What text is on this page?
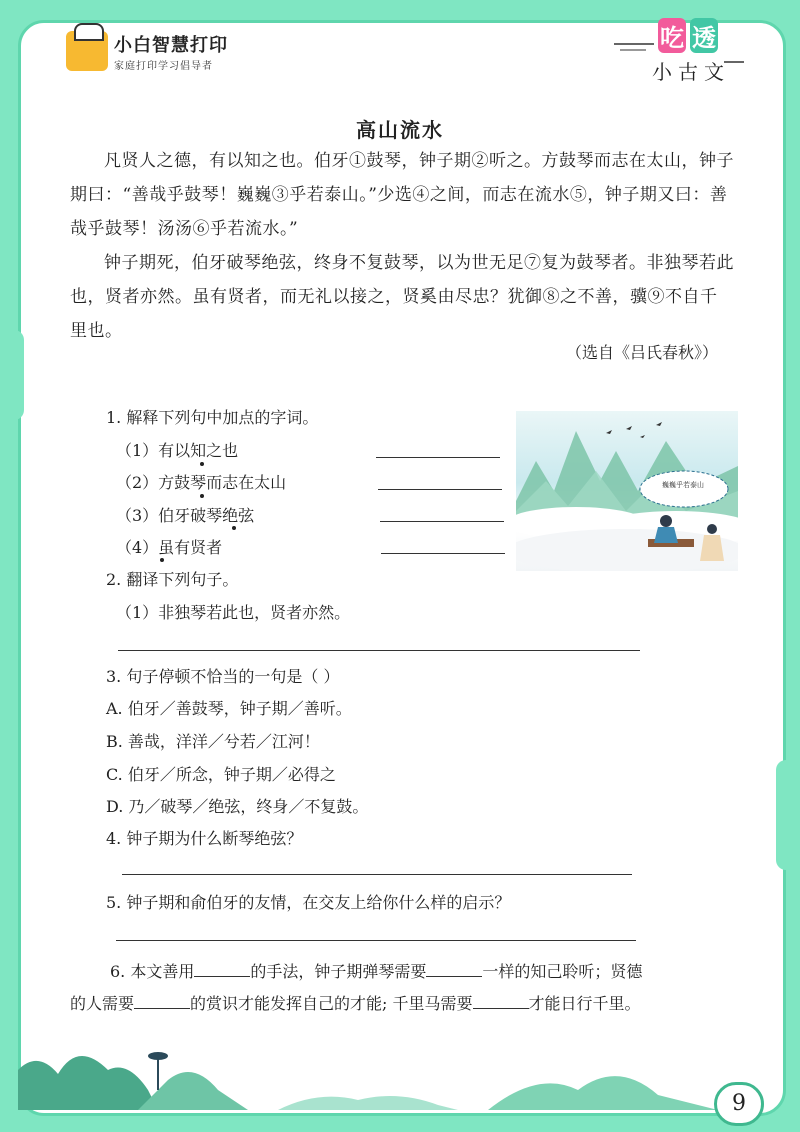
小白智慧打印
家庭打印学习倡导者
吃 透
小古文
高山流水
凡贤人之德，有以知之也。伯牙①鼓琴，钟子期②听之。方鼓琴而志在太山，钟子期曰：“善哉乎鼓琴！巍巍③乎若泰山。”少选④之间，而志在流水⑤，钟子期又曰：善哉乎鼓琴！汤汤⑥乎若流水。”
钟子期死，伯牙破琴绝弦，终身不复鼓琴，以为世无足⑦复为鼓琴者。非独琴若此也，贤者亦然。虽有贤者，而无礼以接之，贤奚由尽忠？犹御⑧之不善，骥⑨不自千里也。
（选自《吕氏春秋》）
1. 解释下列句中加点的字词。
（1）有以知之也
（2）方鼓琴而志在太山
（3）伯牙破琴绝弦
（4）虽有贤者
巍巍乎若泰山
2. 翻译下列句子。
（1）非独琴若此也，贤者亦然。
3. 句子停顿不恰当的一句是（ ）
A. 伯牙／善鼓琴，钟子期／善听。
B. 善哉，洋洋／兮若／江河！
C. 伯牙／所念，钟子期／必得之
D. 乃／破琴／绝弦，终身／不复鼓。
4. 钟子期为什么断琴绝弦？
5. 钟子期和俞伯牙的友情，在交友上给你什么样的启示？
6. 本文善用	的手法，钟子期弹琴需要	一样的知己聆听；贤德
的人需要	的赏识才能发挥自己的才能; 千里马需要	才能日行千里。
9
